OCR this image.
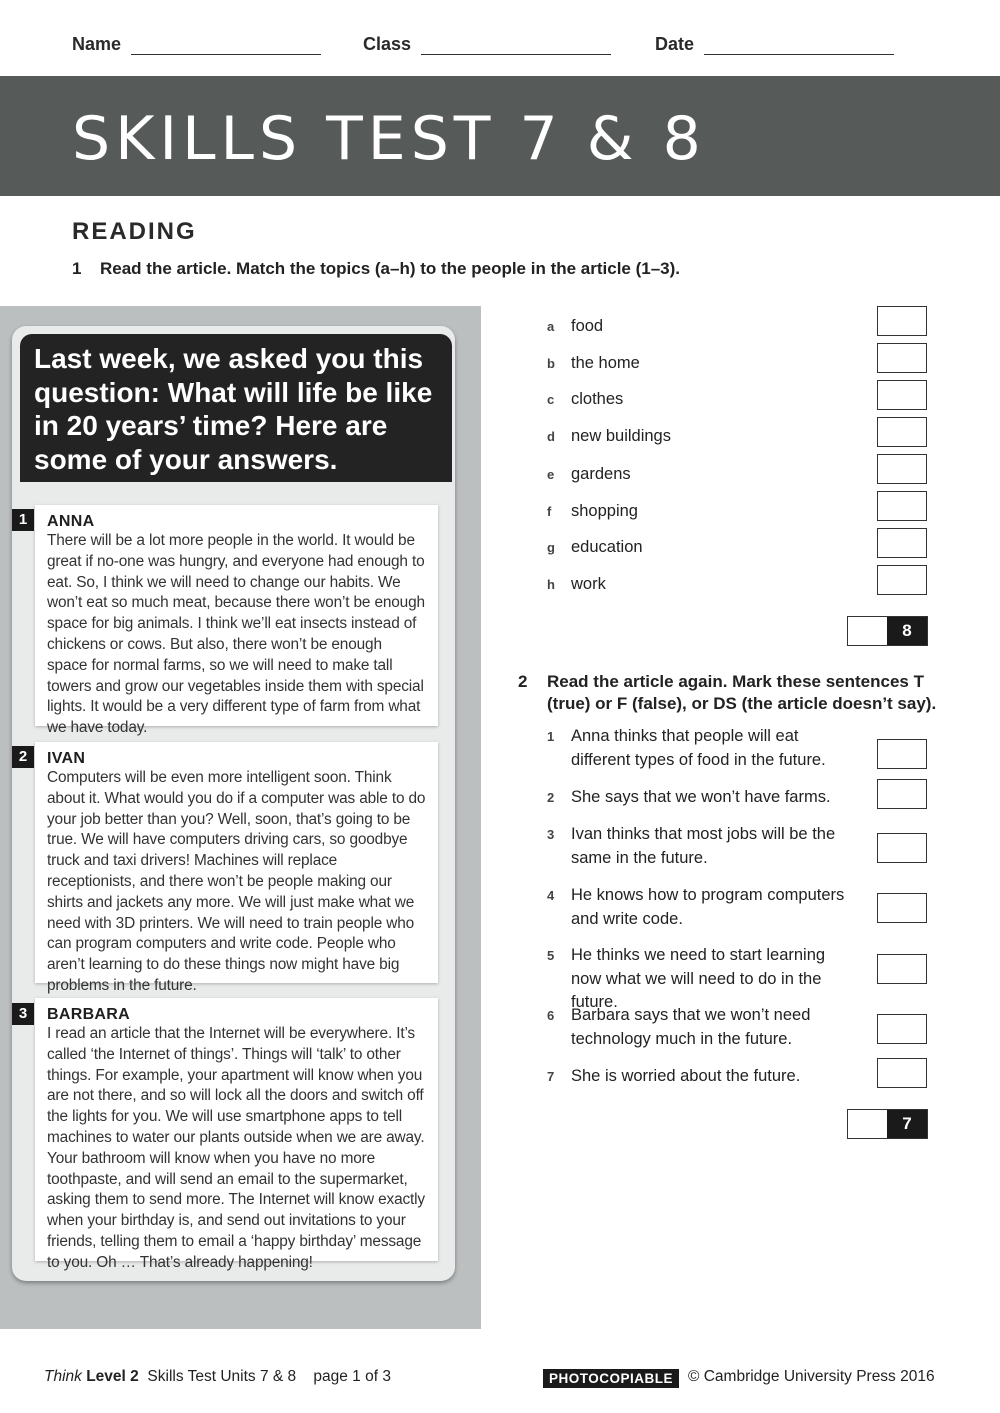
Name	Class	Date
SKILLS TEST 7 & 8
READING
1 Read the article. Match the topics (a–h) to the people in the article (1–3).
Last week, we asked you this question: What will life be like in 20 years’ time? Here are some of your answers.
1	ANNA
There will be a lot more people in the world. It would be great if no-one was hungry, and everyone had enough to eat. So, I think we will need to change our habits. We won’t eat so much meat, because there won’t be enough space for big animals. I think we’ll eat insects instead of chickens or cows. But also, there won’t be enough space for normal farms, so we will need to make tall towers and grow our vegetables inside them with special lights. It would be a very different type of farm from what we have today.
2	IVAN
Computers will be even more intelligent soon. Think about it. What would you do if a computer was able to do your job better than you? Well, soon, that’s going to be true. We will have computers driving cars, so goodbye truck and taxi drivers! Machines will replace receptionists, and there won’t be people making our shirts and jackets any more. We will just make what we need with 3D printers. We will need to train people who can program computers and write code. People who aren’t learning to do these things now might have big problems in the future.
3	BARBARA
I read an article that the Internet will be everywhere. It’s called ‘the Internet of things’. Things will ‘talk’ to other things. For example, your apartment will know when you are not there, and so will lock all the doors and switch off the lights for you. We will use smartphone apps to tell machines to water our plants outside when we are away. Your bathroom will know when you have no more toothpaste, and will send an email to the supermarket, asking them to send more. The Internet will know exactly when your birthday is, and send out invitations to your friends, telling them to email a ‘happy birthday’ message to you. Oh … That’s already happening!
a food
b the home
c clothes
d new buildings
e gardens
f shopping
g education
h work
8
2	Read the article again. Mark these sentences T (true) or F (false), or DS (the article doesn’t say).
1	Anna thinks that people will eat different types of food in the future.
2	She says that we won’t have farms.
3	Ivan thinks that most jobs will be the same in the future.
4	He knows how to program computers and write code.
5	He thinks we need to start learning now what we will need to do in the future.
6	Barbara says that we won’t need technology much in the future.
7	She is worried about the future.
7
Think Level 2 Skills Test Units 7 & 8 page 1 of 3	PHOTOCOPIABLE © Cambridge University Press 2016
